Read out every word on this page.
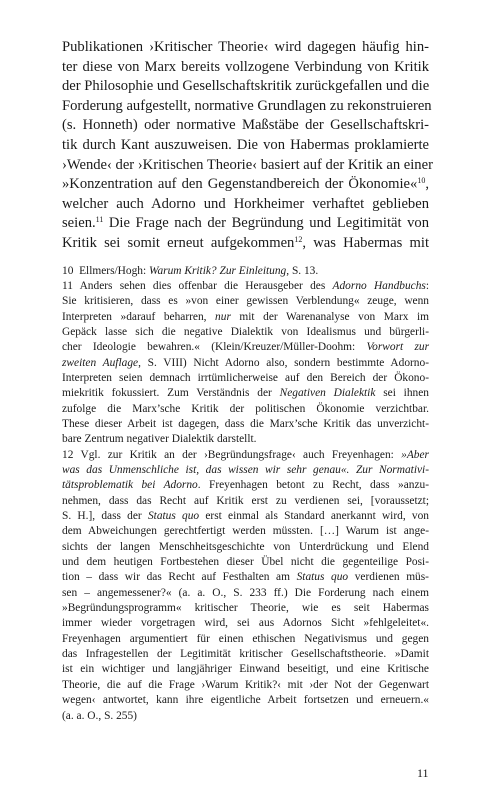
Publikationen ›Kritischer Theorie‹ wird dagegen häufig hin-
ter diese von Marx bereits vollzogene Verbindung von Kritik
der Philosophie und Gesellschaftskritik zurückgefallen und die
Forderung aufgestellt, normative Grundlagen zu rekonstruieren
(s. Honneth) oder normative Maßstäbe der Gesellschaftskri-
tik durch Kant auszuweisen. Die von Habermas proklamierte
›Wende‹ der ›Kritischen Theorie‹ basiert auf der Kritik an einer
»Konzentration auf den Gegenstandbereich der Ökonomie«$^{10}$,
welcher auch Adorno und Horkheimer verhaftet geblieben
seien.$^{11}$ Die Frage nach der Begründung und Legitimität von
Kritik sei somit erneut aufgekommen$^{12}$, was Habermas mit
10 Ellmers/Hogh: Warum Kritik? Zur Einleitung, S. 13.
11 Anders sehen dies offenbar die Herausgeber des Adorno Handbuchs:
Sie kritisieren, dass es »von einer gewissen Verblendung« zeuge, wenn
Interpreten »darauf beharren, nur mit der Warenanalyse von Marx im
Gepäck lasse sich die negative Dialektik von Idealismus und bürgerli-
cher Ideologie bewahren.« (Klein/Kreuzer/Müller-Doohm: Vorwort zur
zweiten Auflage, S. VIII) Nicht Adorno also, sondern bestimmte Adorno-
Interpreten seien demnach irrtümlicherweise auf den Bereich der Ökono-
miekritik fokussiert. Zum Verständnis der Negativen Dialektik sei ihnen
zufolge die Marx’sche Kritik der politischen Ökonomie verzichtbar.
These dieser Arbeit ist dagegen, dass die Marx’sche Kritik das unverzicht-
bare Zentrum negativer Dialektik darstellt.
12 Vgl. zur Kritik an der ›Begründungsfrage‹ auch Freyenhagen: »Aber
was das Unmenschliche ist, das wissen wir sehr genau«. Zur Normativi-
tätsproblematik bei Adorno. Freyenhagen betont zu Recht, dass »anzu-
nehmen, dass das Recht auf Kritik erst zu verdienen sei, [voraussetzt;
S. H.], dass der Status quo erst einmal als Standard anerkannt wird, von
dem Abweichungen gerechtfertigt werden müssten. […] Warum ist ange-
sichts der langen Menschheitsgeschichte von Unterdrückung und Elend
und dem heutigen Fortbestehen dieser Übel nicht die gegenteilige Posi-
tion – dass wir das Recht auf Festhalten am Status quo verdienen müs-
sen – angemessener?« (a. a. O., S. 233 ff.) Die Forderung nach einem
»Begründungsprogramm« kritischer Theorie, wie es seit Habermas
immer wieder vorgetragen wird, sei aus Adornos Sicht »fehlgeleitet«.
Freyenhagen argumentiert für einen ethischen Negativismus und gegen
das Infragestellen der Legitimität kritischer Gesellschaftstheorie. »Damit
ist ein wichtiger und langjähriger Einwand beseitigt, und eine Kritische
Theorie, die auf die Frage ›Warum Kritik?‹ mit ›der Not der Gegenwart
wegen‹ antwortet, kann ihre eigentliche Arbeit fortsetzen und erneuern.«
(a. a. O., S. 255)
11
